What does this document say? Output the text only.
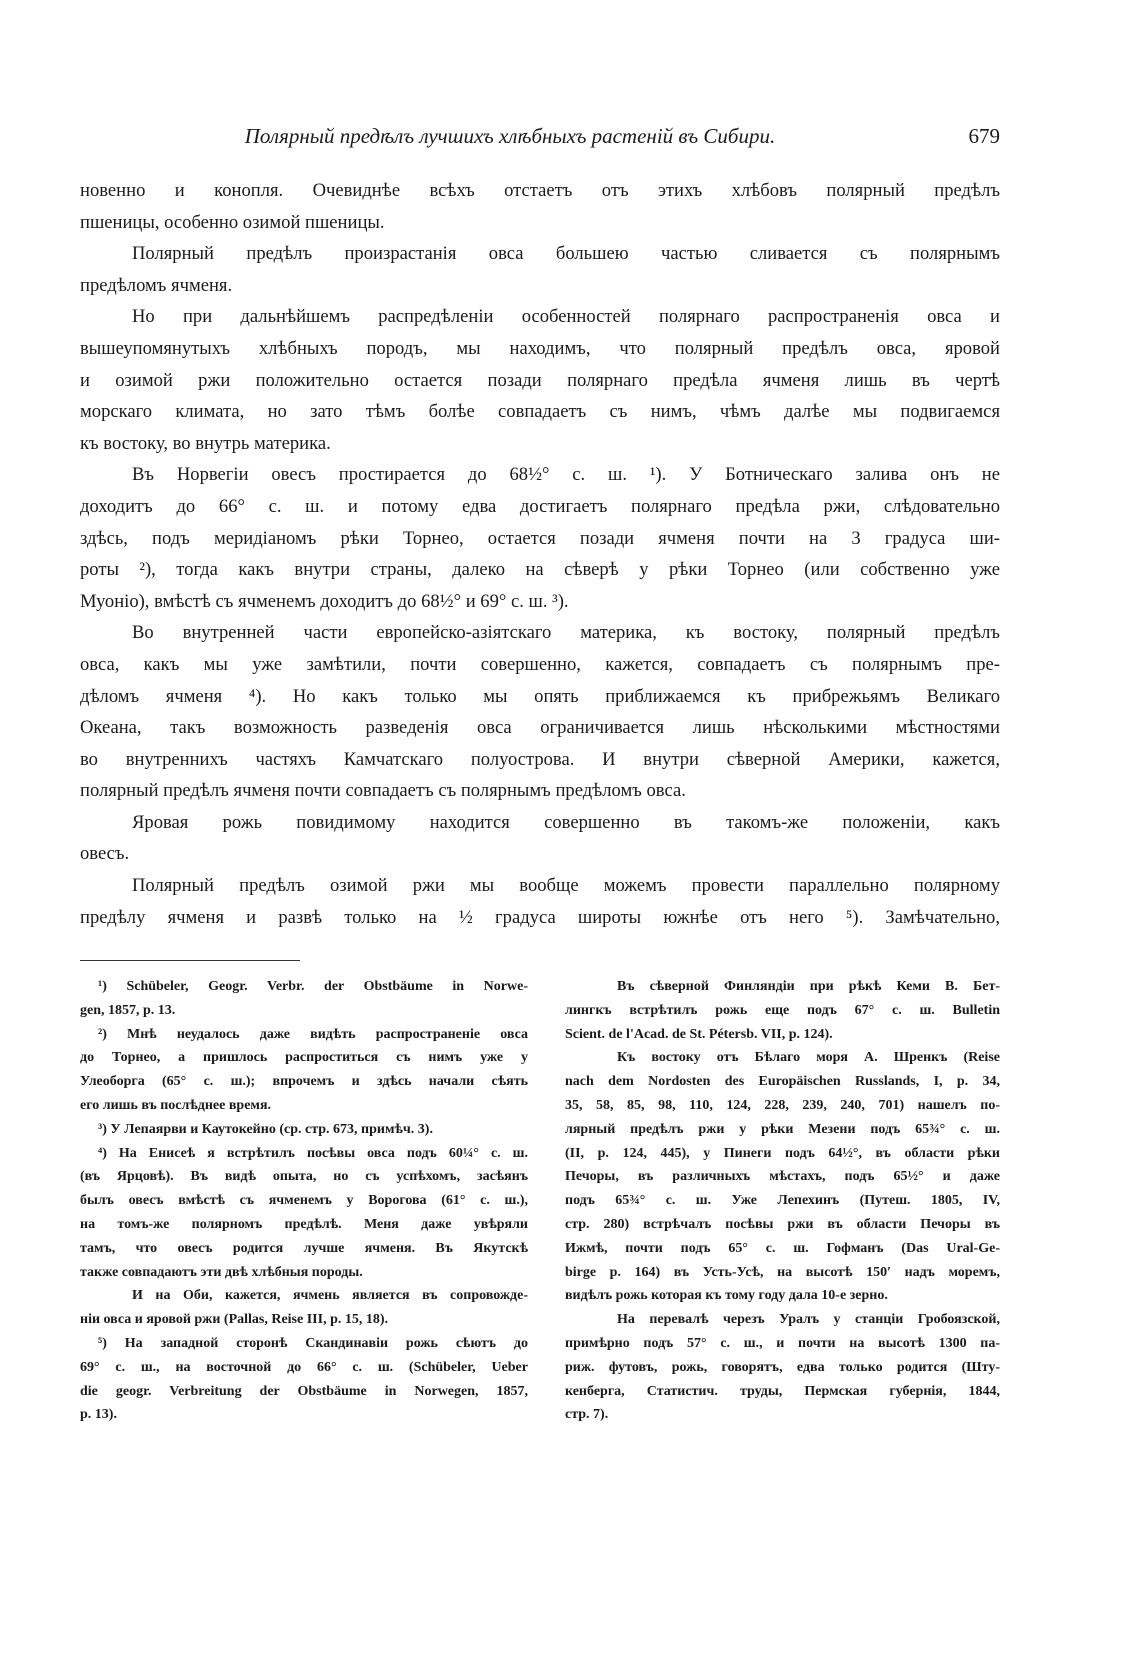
Полярный предѣлъ лучшихъ хлѣбныхъ растеній въ Сибири.	679
новенно и конопля. Очевиднѣе всѣхъ отстаетъ отъ этихъ хлѣбовъ полярный предѣлъ
пшеницы, особенно озимой пшеницы.
Полярный предѣлъ произрастанія овса большею частью сливается съ полярнымъ
предѣломъ ячменя.
Но при дальнѣйшемъ распредѣленіи особенностей полярнаго распространенія овса и
вышеупомянутыхъ хлѣбныхъ породъ, мы находимъ, что полярный предѣлъ овса, яровой
и озимой ржи положительно остается позади полярнаго предѣла ячменя лишь въ чертѣ
морскаго климата, но зато тѣмъ болѣе совпадаетъ съ нимъ, чѣмъ далѣе мы подвигаемся
къ востоку, во внутрь материка.
Въ Норвегіи овесъ простирается до 68½° с. ш. ¹). У Ботническаго залива онъ не
доходитъ до 66° с. ш. и потому едва достигаетъ полярнаго предѣла ржи, слѣдовательно
здѣсь, подъ меридіаномъ рѣки Торнео, остается позади ячменя почти на 3 градуса ши-
роты ²), тогда какъ внутри страны, далеко на сѣверѣ у рѣки Торнео (или собственно уже
Муоніо), вмѣстѣ съ ячменемъ доходитъ до 68½° и 69° с. ш. ³).
Во внутренней части европейско-азіятскаго материка, къ востоку, полярный предѣлъ
овса, какъ мы уже замѣтили, почти совершенно, кажется, совпадаетъ съ полярнымъ пре-
дѣломъ ячменя ⁴). Но какъ только мы опять приближаемся къ прибрежьямъ Великаго
Океана, такъ возможность разведенія овса ограничивается лишь нѣсколькими мѣстностями
во внутреннихъ частяхъ Камчатскаго полуострова. И внутри сѣверной Америки, кажется,
полярный предѣлъ ячменя почти совпадаетъ съ полярнымъ предѣломъ овса.
Яровая рожь повидимому находится совершенно въ такомъ-же положеніи, какъ
овесъ.
Полярный предѣлъ озимой ржи мы вообще можемъ провести параллельно полярному
предѣлу ячменя и развѣ только на ½ градуса широты южнѣе отъ него ⁵). Замѣчательно,
¹) Schübeler, Geogr. Verbr. der Obstbäume in Norwe-
gen, 1857, p. 13.
²) Мнѣ неудалось даже видѣть распространеніе овса
до Торнео, а пришлось распроститься съ нимъ уже у
Улеоборга (65° с. ш.); впрочемъ и здѣсь начали сѣять
его лишь въ послѣднее время.
³) У Лепаярви и Каутокейно (ср. стр. 673, примѣч. 3).
⁴) На Енисеѣ я встрѣтилъ посѣвы овса подъ 60¼° с. ш.
(въ Ярцовѣ). Въ видѣ опыта, но съ успѣхомъ, засѣянъ
былъ овесъ вмѣстѣ съ ячменемъ у Ворогова (61° с. ш.),
на томъ-же полярномъ предѣлѣ. Меня даже увѣряли
тамъ, что овесъ родится лучше ячменя. Въ Якутскѣ
также совпадаютъ эти двѣ хлѣбныя породы.
И на Оби, кажется, ячмень является въ сопровожде-
ніи овса и яровой ржи (Pallas, Reise III, p. 15, 18).
⁵) На западной сторонѣ Скандинавіи рожь сѣютъ до
69° с. ш., на восточной до 66° с. ш. (Schübeler, Ueber
die geogr. Verbreitung der Obstbäume in Norwegen, 1857,
p. 13).
Въ сѣверной Финляндіи при рѣкѣ Кеми В. Бет-
лингкъ встрѣтилъ рожь еще подъ 67° с. ш. Bulletin
Scient. de l'Acad. de St. Pétersb. VII, p. 124).
Къ востоку отъ Бѣлаго моря А. Шренкъ (Reise
nach dem Nordosten des Europäischen Russlands, I, p. 34,
35, 58, 85, 98, 110, 124, 228, 239, 240, 701) нашелъ по-
лярный предѣлъ ржи у рѣки Мезени подъ 65¾° с. ш.
(II, p. 124, 445), у Пинеги подъ 64½°, въ области рѣки
Печоры, въ различныхъ мѣстахъ, подъ 65½° и даже
подъ 65¾° с. ш. Уже Лепехинъ (Путеш. 1805, IV,
стр. 280) встрѣчалъ посѣвы ржи въ области Печоры въ
Ижмѣ, почти подъ 65° с. ш. Гофманъ (Das Ural-Ge-
birge p. 164) въ Усть-Усѣ, на высотѣ 150′ надъ моремъ,
видѣлъ рожь которая къ тому году дала 10-е зерно.
На перевалѣ черезъ Уралъ у станціи Гробоязской,
примѣрно подъ 57° с. ш., и почти на высотѣ 1300 па-
риж. футовъ, рожь, говорятъ, едва только родится (Шту-
кенберга, Статистич. труды, Пермская губернія, 1844,
стр. 7).
